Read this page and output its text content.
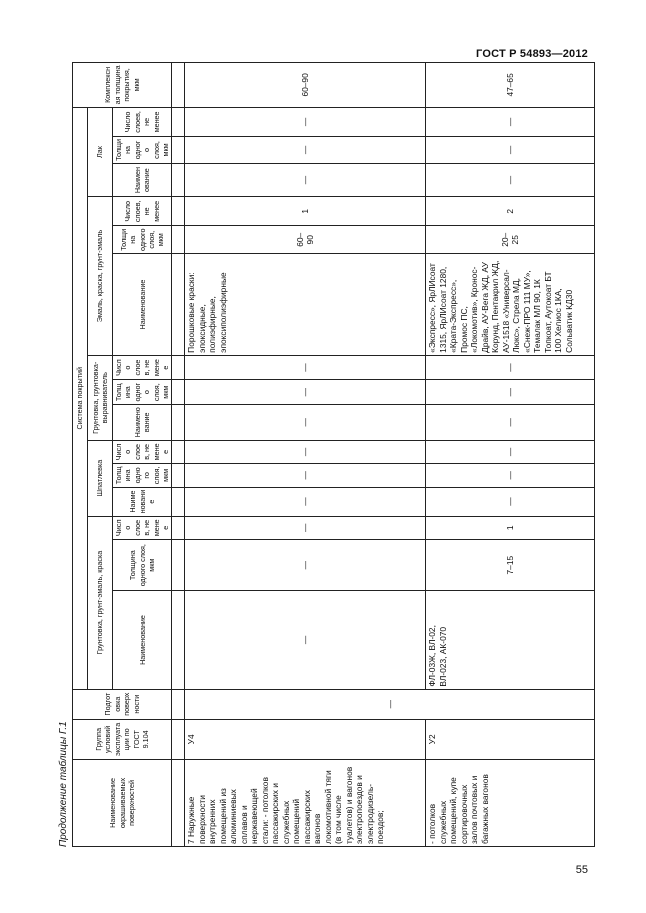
ГОСТ Р 54893—2012
Продолжение таблицы Г.1	Наименование окрашиваемых поверхностей	Группа условий эксплуатации по ГОСТ 9.104	Подготовка поверхности	Система покрытий															Комплексная толщина покрытия, мкм
			Грунтовка, грунт-эмаль, краска			Шпатлевка			Грунтовка, грунтовка-выравниватель			Эмаль, краска, грунт-эмаль			Лак			
			Наименование	Толщина одного слоя, мкм	Число слоев, не менее	Наименование	Толщина одного слоя, мкм	Число слоев, не менее	Наименование	Толщина одного слоя, мкм	Число слоев, не менее	Наименование	Толщина одного слоя, мкм	Число слоев, не менее	Наименование	Толщина одного слоя, мкм	Число слоев, не менее	

7 Наружные поверхности внутренних помещений из алюминиевых сплавов и нержавеющей стали: - потолков пассажирских и служебных помещений пассажирских вагонов локомотивной тяги (в том числе туалетов) и вагонов электропоездов и электродизель-поездов;	У4	—	—	—	—	—	—	—	—	—	—	Порошковые краски: эпоксидные, полиэфирные, эпоксиполиэфирные	60–90	1	—	—	—	60–90
- потолков служебных помещений, купе сортировочных залов почтовых и багажных вагонов	У2		ФЛ-03Ж, ВЛ-02, ВЛ-023, АК-070	7–15	1	—	—	—	—	—	—	«Экспресс», ЯрЛИсоат 1315, ЯрЛИсоат 1280, «Крата-Экспресс», Промос ПС, «Локомотив», Кронос-Драйв, АУ-Вега ЖД, АУ Корунд, Пентакрил ЖД, АУ-1518 «Универсал-Люкс», Стрела МД, «Снеж-ПРО 111 МУ», Темалак МЛ 90, 1К Топкоат, Аутокоат БТ 100 Хелиос 1КА, Сольватик КД30	20–25	2	—	—	—	47–65
55
